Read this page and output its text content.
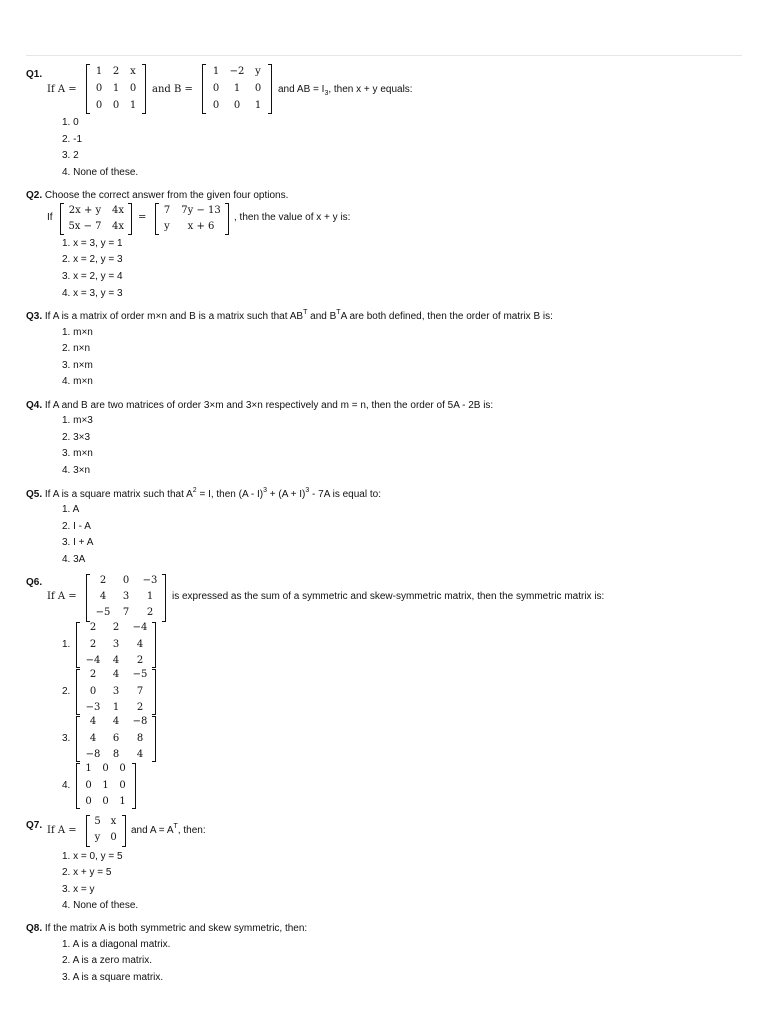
Q1.
If A =
1	2	x
0	1	0
0	0	1
and B =
1	−2	y
0	1	0
0	0	1
and AB = $I_3$, then x + y equals:
1. 0
2. -1
3. 2
4. None of these.
Q2. Choose the correct answer from the given four options.
If
2x + y	4x
5x − 7	4x
=
7	7y − 13
y	x + 6
, then the value of x + y is:
1. x = 3, y = 1
2. x = 2, y = 3
3. x = 2, y = 4
4. x = 3, y = 3
Q3. If A is a matrix of order m×n and B is a matrix such that $AB^T$ and $B^TA$ are both defined, then the order of matrix B is:
1. m×n
2. n×n
3. n×m
4. m×n
Q4. If A and B are two matrices of order 3×m and 3×n respectively and m = n, then the order of 5A - 2B is:
1. m×3
2. 3×3
3. m×n
4. 3×n
Q5. If A is a square matrix such that $A^2 = I$, then $(A - I)^3 + (A + I)^3 - 7A$ is equal to:
1. A
2. I - A
3. I + A
4. 3A
Q6.
If A =
2	0	−3
4	3	1
−5	7	2
is expressed as the sum of a symmetric and skew-symmetric matrix, then the symmetric matrix is:
1.
2	2	−4
2	3	4
−4	4	2
2.
2	4	−5
0	3	7
−3	1	2
3.
4	4	−8
4	6	8
−8	8	4
4.
1	0	0
0	1	0
0	0	1
Q7. If A =
5 x
y 0
and $A = A^T$, then:
1. x = 0, y = 5
2. x + y = 5
3. x = y
4. None of these.
Q8. If the matrix A is both symmetric and skew symmetric, then:
1. A is a diagonal matrix.
2. A is a zero matrix.
3. A is a square matrix.
